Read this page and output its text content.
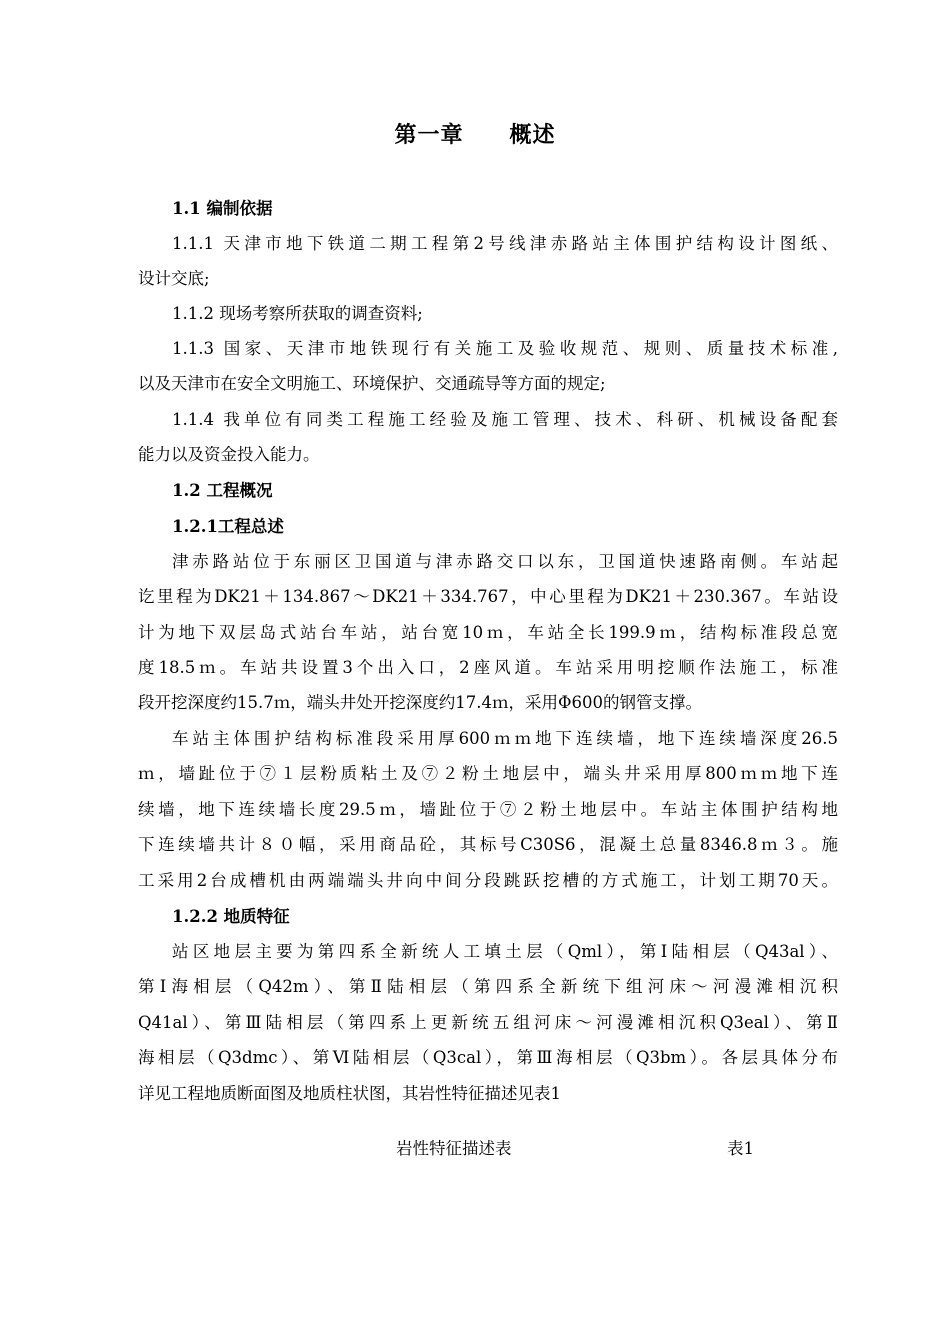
第一章　　概述
1.1 编制依据
1.1.1 天津市地下铁道二期工程第2号线津赤路站主体围护结构设计图纸、
设计交底;
1.1.2 现场考察所获取的调查资料;
1.1.3 国家、天津市地铁现行有关施工及验收规范、规则、质量技术标准,
以及天津市在安全文明施工、环境保护、交通疏导等方面的规定;
1.1.4 我单位有同类工程施工经验及施工管理、技术、科研、机械设备配套
能力以及资金投入能力。
1.2 工程概况
1.2.1工程总述
津赤路站位于东丽区卫国道与津赤路交口以东，卫国道快速路南侧。车站起
讫里程为DK21＋134.867～DK21＋334.767，中心里程为DK21＋230.367。车站设
计为地下双层岛式站台车站，站台宽10ｍ，车站全长199.9ｍ，结构标准段总宽
度18.5ｍ。车站共设置3个出入口，2座风道。车站采用明挖顺作法施工，标准
段开挖深度约15.7ｍ，端头井处开挖深度约17.4ｍ，采用Φ600的钢管支撑。
车站主体围护结构标准段采用厚600ｍｍ地下连续墙，地下连续墙深度26.5
ｍ，墙趾位于⑦１层粉质粘土及⑦２粉土地层中，端头井采用厚800ｍｍ地下连
续墙，地下连续墙长度29.5ｍ，墙趾位于⑦２粉土地层中。车站主体围护结构地
下连续墙共计８０幅，采用商品砼，其标号C30S6，混凝土总量8346.8ｍ３。施
工采用2台成槽机由两端端头井向中间分段跳跃挖槽的方式施工，计划工期70天。
1.2.2 地质特征
站区地层主要为第四系全新统人工填土层（Qml），第Ⅰ陆相层（Q43al）、
第Ⅰ海相层（Q42m）、第Ⅱ陆相层（第四系全新统下组河床～河漫滩相沉积
Q41al）、第Ⅲ陆相层（第四系上更新统五组河床～河漫滩相沉积Q3eal）、第Ⅱ
海相层（Q3dmc）、第Ⅵ陆相层（Q3cal），第Ⅲ海相层（Q3bm）。各层具体分布
详见工程地质断面图及地质柱状图，其岩性特征描述见表1
岩性特征描述表	表1
